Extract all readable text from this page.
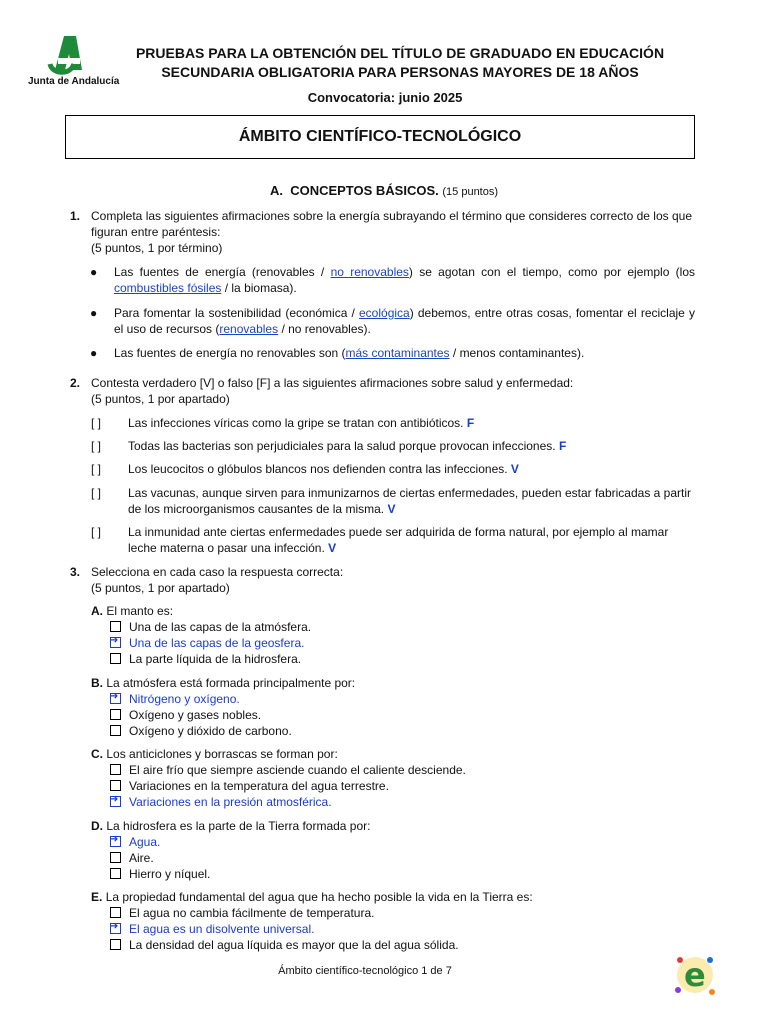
Junta de Andalucía
PRUEBAS PARA LA OBTENCIÓN DEL TÍTULO DE GRADUADO EN EDUCACIÓN
SECUNDARIA OBLIGATORIA PARA PERSONAS MAYORES DE 18 AÑOS
Convocatoria: junio 2025
ÁMBITO CIENTÍFICO-TECNOLÓGICO
A. CONCEPTOS BÁSICOS. (15 puntos)
1. Completa las siguientes afirmaciones sobre la energía subrayando el término que consideres correcto de los que figuran entre paréntesis:
(5 puntos, 1 por término)
● Las fuentes de energía (renovables / no renovables) se agotan con el tiempo, como por ejemplo (los combustibles fósiles / la biomasa).
● Para fomentar la sostenibilidad (económica / ecológica) debemos, entre otras cosas, fomentar el reciclaje y el uso de recursos (renovables / no renovables).
● Las fuentes de energía no renovables son (más contaminantes / menos contaminantes).
2. Contesta verdadero [V] o falso [F] a las siguientes afirmaciones sobre salud y enfermedad:
(5 puntos, 1 por apartado)
[ ] Las infecciones víricas como la gripe se tratan con antibióticos. F
[ ] Todas las bacterias son perjudiciales para la salud porque provocan infecciones. F
[ ] Los leucocitos o glóbulos blancos nos defienden contra las infecciones. V
[ ] Las vacunas, aunque sirven para inmunizarnos de ciertas enfermedades, pueden estar fabricadas a partir de los microorganismos causantes de la misma. V
[ ] La inmunidad ante ciertas enfermedades puede ser adquirida de forma natural, por ejemplo al mamar leche materna o pasar una infección. V
3. Selecciona en cada caso la respuesta correcta:
(5 puntos, 1 por apartado)
A. El manto es:
Una de las capas de la atmósfera.
➜Una de las capas de la geosfera.
La parte líquida de la hidrosfera.
B. La atmósfera está formada principalmente por:
➜Nitrógeno y oxígeno.
Oxígeno y gases nobles.
Oxígeno y dióxido de carbono.
C. Los anticiclones y borrascas se forman por:
El aire frío que siempre asciende cuando el caliente desciende.
Variaciones en la temperatura del agua terrestre.
➜Variaciones en la presión atmosférica.
D. La hidrosfera es la parte de la Tierra formada por:
➜Agua.
Aire.
Hierro y níquel.
E. La propiedad fundamental del agua que ha hecho posible la vida en la Tierra es:
El agua no cambia fácilmente de temperatura.
➜El agua es un disolvente universal.
La densidad del agua líquida es mayor que la del agua sólida.
Ámbito científico-tecnológico 1 de 7	e
